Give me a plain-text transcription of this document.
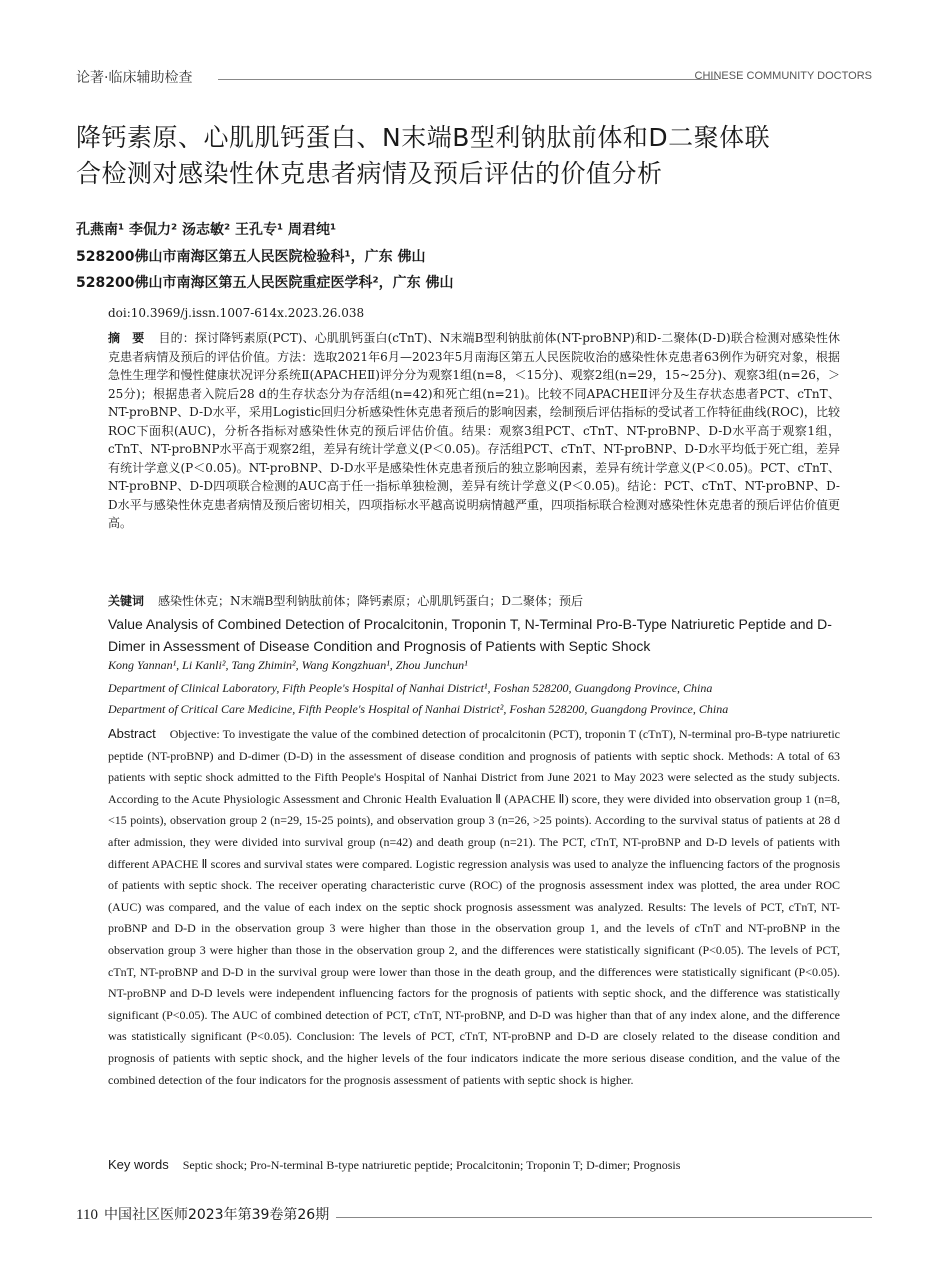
论著·临床辅助检查	CHINESE COMMUNITY DOCTORS
降钙素原、心肌肌钙蛋白、N末端B型利钠肽前体和D二聚体联
合检测对感染性休克患者病情及预后评估的价值分析
孔燕南¹ 李侃力² 汤志敏² 王孔专¹ 周君纯¹
528200佛山市南海区第五人民医院检验科¹，广东 佛山
528200佛山市南海区第五人民医院重症医学科²，广东 佛山
doi:10.3969/j.issn.1007-614x.2023.26.038
摘　要 目的：探讨降钙素原(PCT)、心肌肌钙蛋白(cTnT)、N末端B型利钠肽前体(NT-proBNP)和D-二聚体(D-D)联合检测对感染性休克患者病情及预后的评估价值。方法：选取2021年6月—2023年5月南海区第五人民医院收治的感染性休克患者63例作为研究对象，根据急性生理学和慢性健康状况评分系统Ⅱ(APACHEⅡ)评分分为观察1组(n=8，＜15分)、观察2组(n=29，15~25分)、观察3组(n=26，＞25分)；根据患者入院后28 d的生存状态分为存活组(n=42)和死亡组(n=21)。比较不同APACHEⅡ评分及生存状态患者PCT、cTnT、NT-proBNP、D-D水平，采用Logistic回归分析感染性休克患者预后的影响因素，绘制预后评估指标的受试者工作特征曲线(ROC)，比较ROC下面积(AUC)，分析各指标对感染性休克的预后评估价值。结果：观察3组PCT、cTnT、NT-proBNP、D-D水平高于观察1组，cTnT、NT-proBNP水平高于观察2组，差异有统计学意义(P＜0.05)。存活组PCT、cTnT、NT-proBNP、D-D水平均低于死亡组，差异有统计学意义(P＜0.05)。NT-proBNP、D-D水平是感染性休克患者预后的独立影响因素，差异有统计学意义(P＜0.05)。PCT、cTnT、NT-proBNP、D-D四项联合检测的AUC高于任一指标单独检测，差异有统计学意义(P＜0.05)。结论：PCT、cTnT、NT-proBNP、D-D水平与感染性休克患者病情及预后密切相关，四项指标水平越高说明病情越严重，四项指标联合检测对感染性休克患者的预后评估价值更高。
关键词 感染性休克；N末端B型利钠肽前体；降钙素原；心肌肌钙蛋白；D二聚体；预后
Value Analysis of Combined Detection of Procalcitonin, Troponin T, N-Terminal Pro-B-Type Natriuretic Peptide and D-Dimer in Assessment of Disease Condition and Prognosis of Patients with Septic Shock
Kong Yannan¹, Li Kanli², Tang Zhimin², Wang Kongzhuan¹, Zhou Junchun¹
Department of Clinical Laboratory, Fifth People's Hospital of Nanhai District¹, Foshan 528200, Guangdong Province, China
Department of Critical Care Medicine, Fifth People's Hospital of Nanhai District², Foshan 528200, Guangdong Province, China
Abstract Objective: To investigate the value of the combined detection of procalcitonin (PCT), troponin T (cTnT), N-terminal pro-B-type natriuretic peptide (NT-proBNP) and D-dimer (D-D) in the assessment of disease condition and prognosis of patients with septic shock. Methods: A total of 63 patients with septic shock admitted to the Fifth People's Hospital of Nanhai District from June 2021 to May 2023 were selected as the study subjects. According to the Acute Physiologic Assessment and Chronic Health Evaluation Ⅱ (APACHE Ⅱ) score, they were divided into observation group 1 (n=8, <15 points), observation group 2 (n=29, 15-25 points), and observation group 3 (n=26, >25 points). According to the survival status of patients at 28 d after admission, they were divided into survival group (n=42) and death group (n=21). The PCT, cTnT, NT-proBNP and D-D levels of patients with different APACHE Ⅱ scores and survival states were compared. Logistic regression analysis was used to analyze the influencing factors of the prognosis of patients with septic shock. The receiver operating characteristic curve (ROC) of the prognosis assessment index was plotted, the area under ROC (AUC) was compared, and the value of each index on the septic shock prognosis assessment was analyzed. Results: The levels of PCT, cTnT, NT-proBNP and D-D in the observation group 3 were higher than those in the observation group 1, and the levels of cTnT and NT-proBNP in the observation group 3 were higher than those in the observation group 2, and the differences were statistically significant (P<0.05). The levels of PCT, cTnT, NT-proBNP and D-D in the survival group were lower than those in the death group, and the differences were statistically significant (P<0.05). NT-proBNP and D-D levels were independent influencing factors for the prognosis of patients with septic shock, and the difference was statistically significant (P<0.05). The AUC of combined detection of PCT, cTnT, NT-proBNP, and D-D was higher than that of any index alone, and the difference was statistically significant (P<0.05). Conclusion: The levels of PCT, cTnT, NT-proBNP and D-D are closely related to the disease condition and prognosis of patients with septic shock, and the higher levels of the four indicators indicate the more serious disease condition, and the value of the combined detection of the four indicators for the prognosis assessment of patients with septic shock is higher.
Key words Septic shock; Pro-N-terminal B-type natriuretic peptide; Procalcitonin; Troponin T; D-dimer; Prognosis
110 中国社区医师2023年第39卷第26期
